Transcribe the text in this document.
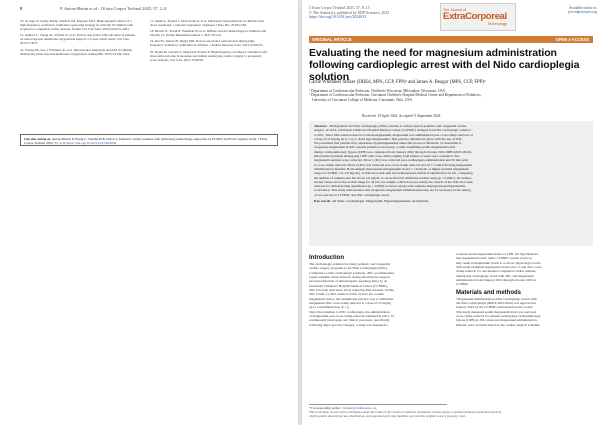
8	P. Anton-Martin et al.: J Extra Corpor Technol 2025, 57, 2–8
16. de Jager P, Curley MAQ, Cheifetz IM, Kneyber MCJ. Hemodynamic effects of a high-frequency oscillatory ventilation open-lung strategy in critically ill children with acquired or congenital cardiac disease. Pediatr Crit Care Med. 2023;24:e272–e281.
15. Aalbers C, Cheng AC, Pilcher D, et al. Factors associated with outcomes of patients on extracorporeal membrane oxygenation support: a 5-year cohort study. Crit Care. 2013;17:R73.
16. Strong AE, Zee J, Fulchiero R, et al. Intravascular hemolysis and AKI in children undergoing extracorporeal membrane oxygenation. Kidney360. 2023;4:1536-1544.
17. Alimi A, Taytard J, Abou Taam R, et al. Pulmonary hemosiderosis in children with down syndrome: a national experience. Orphanet J Rare Dis. 2018;13:60.
18. Bloom JL, Frank B, Weisman JP, et al. Diffuse alveolar hemorrhage in children with trisomy 21. Pediatr Rheumatol Online J. 2021;19:114.
19. Rai SS, Simon JE, Rigby MR. Factors associated with survival during high-frequency oscillatory ventilation in children. J Pediatr Intensive Care. 2015;4:186155.
20. Bojan M, Gioanni S, Mauriat P, Pouard P. High-frequency oscillatory ventilation and short-term outcome in neonates and infants undergoing cardiac surgery: a propensity score analysis. Crit Care. 2011;15:R259.
Cite this article as: Anton-Martin P, Yeung C, Sandhu H & Yellon S. Pediatric cardiac patients with pulmonary hemorrhage supported on ECMO: An ELSO registry study. J Extra Corpor Technol 2025, 57, 2–8. https://doi.org/10.1051/ject/2024038
J Extra Corpor Technol 2025, 57, 9–15
© The Author(s), published by EDP Sciences, 2025
https://doi.org/10.1051/ject/2024033
The Journal of
ExtraCorporeal
Technology
Available online at:
ject.edpsciences.org
ORIGINAL ARTICLE	OPEN ∂ ACCESS
Evaluating the need for magnesium administration following cardioplegic arrest with del Nido cardioplegia solution
Carrie Whittaker Striker (DHEd, MPS, CCP, FPP)¹ and James A. Reagor (MPS, CCP, FPP)²
¹ Department of Cardiovascular Perfusion, Children's Wisconsin, Milwaukee, Wisconsin, USA
² Department of Cardiovascular Perfusion, Cincinnati Children's Hospital Medical Center and Department of Pediatrics,
University of Cincinnati College of Medicine, Cincinnati, Ohio, USA
Received: 19 April 2024, Accepted: 9 September 2024
Abstract – Background: del Nido cardioplegia (dNC) solution is widely used in pediatric and congenital cardiac
surgery. In 2014, Cincinnati Children's Hospital Medical Center (CCHMC) changed from Mx cardioplegic solution
to dNC. Since Mxt solution does not contain magnesium, magnesium was administered post-cross-clamp removal, at
a dose of 25 mg/kg up to 1 g, to abate hypomagnesemia. This practice remained in place with the use of dNC.
We postulated that patients may experience hypermagnesemia under this protocol. Methods: To determine if
exogenous magnesium in dNC-treated patients is necessary, a study examining serum magnesium levels
during cardiopulmonary bypass (CPB) was completed from January 2022 through October 2023 (IRB #2023-0616).
One hundred patients undergoing CPB with cross-clamp ranging from infants to teens were consented. Two
magnesium samples were collected. Draw 1 (D1) was collected post-cardioplegia administration and 30 min prior
to cross-clamp removal. Draw 2 (D2) was collected post-cross-clamp removal and 10 ± 2 min following magnesium
administration. Results: Both samples demonstrated magnesium levels > 1.6 mg/dL or higher (normal magnesium
range at CCHMC 1.6–2.6 mg/dL). A Wilcoxon rank sum test demonstrated statistical significance for D1, comparing
the number of samples that fell above 2.6 mg/dL vs. those that fell within the normal range (p < 0.0001). D2 demon-
strated values above the normal range for all but one sample, which does not satisfy the criteria of the Wilcoxon rank
sum test for demonstrating significance (p = 0.089); however, ninety-nine samples displayed hypermagnesemia.
Conclusion: This study demonstrates that exogenous magnesium administration may not be necessary in the setting
of our practice at CCHMC and dNC cardioplegic arrest.
Key words: del Nido, Cardioplegia, Magnesium, Hypermagnesemia, Arrhythmia.
Introduction
The cardioplegia solution for many pediatric and congenital
cardiac surgery programs is del Nido Cardioplegia (dNC).
Compared to other cardioplegic solutions, dNC accommodates
longer ischemic times between dosing allowing the surgeon
increased intervals of uninterrupted operating time [1]. At
Cincinnati Children's Hospital Medical Center (CCHMC),
dNC has been used since 2014, replacing Mxt solution. Unlike
dNC (Table 1), Mxt solution (Table 2) does not contain
magnesium; hence, the institutional practice was to administer
magnesium after cross-clamp removal at a dose of 25 mg/kg
up to a maximum dose of 1 g.
Since the transition to dNC cardioplegia, the administration
of magnesium post-cross-clamp removal remained in place. To
continuously interrogate our clinical processes, specifically
following major practice changes, a study was designed to
evaluate serum magnesium levels on CPB. We hypothesized
that magnesium levels, under CCHMC current protocol,
may result in magnesium levels at or above physiologic levels.
This study examined magnesium levels prior to and after cross-
clamp removal for one hundred congenital cardiac patients
undergoing cardioplegic arrest with dNC and magnesium
administration from January 2022 through October 2023 at
CCHMC.
Materials and methods
"Magnesium Administration After Cardioplegic Arrest with
del Nido Cardioplegia (IRB # 2023-0616) was approved in
January 2022 by the CCHMC institutional review board.
This study measured serum magnesium levels pre and post
cross-clamp removal for patients undergoing cardiopulmonary
bypass (CPB) in dNC arrest and magnesium administration.
Patients were recruited based on the cardiac surgical schedule
*Corresponding author: cstriker@childrenswi.org
This is an Open Access article distributed under the terms of the Creative Commons Attribution License (https://creativecommons.org/licenses/by/4.0),
which permits unrestricted use, distribution, and reproduction in any medium, provided the original work is properly cited.
